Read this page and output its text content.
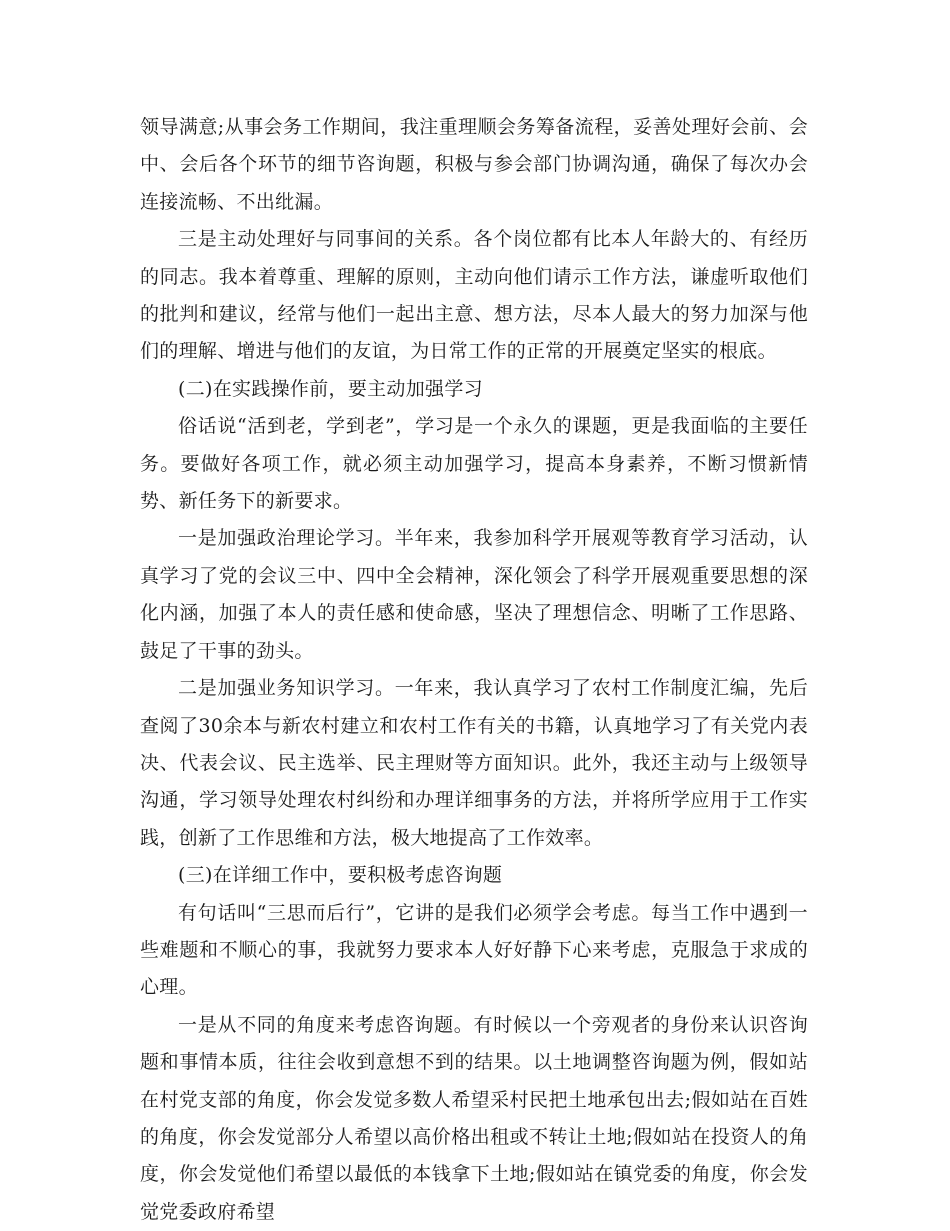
领导满意;从事会务工作期间，我注重理顺会务筹备流程，妥善处理好会前、会中、会后各个环节的细节咨询题，积极与参会部门协调沟通，确保了每次办会连接流畅、不出纰漏。

三是主动处理好与同事间的关系。各个岗位都有比本人年龄大的、有经历的同志。我本着尊重、理解的原则，主动向他们请示工作方法，谦虚听取他们的批判和建议，经常与他们一起出主意、想方法，尽本人最大的努力加深与他们的理解、增进与他们的友谊，为日常工作的正常的开展奠定坚实的根底。

(二)在实践操作前，要主动加强学习

俗话说“活到老，学到老”，学习是一个永久的课题，更是我面临的主要任务。要做好各项工作，就必须主动加强学习，提高本身素养，不断习惯新情势、新任务下的新要求。

一是加强政治理论学习。半年来，我参加科学开展观等教育学习活动，认真学习了党的会议三中、四中全会精神，深化领会了科学开展观重要思想的深化内涵，加强了本人的责任感和使命感，坚决了理想信念、明晰了工作思路、鼓足了干事的劲头。

二是加强业务知识学习。一年来，我认真学习了农村工作制度汇编，先后查阅了30余本与新农村建立和农村工作有关的书籍，认真地学习了有关党内表决、代表会议、民主选举、民主理财等方面知识。此外，我还主动与上级领导沟通，学习领导处理农村纠纷和办理详细事务的方法，并将所学应用于工作实践，创新了工作思维和方法，极大地提高了工作效率。

(三)在详细工作中，要积极考虑咨询题

有句话叫“三思而后行”，它讲的是我们必须学会考虑。每当工作中遇到一些难题和不顺心的事，我就努力要求本人好好静下心来考虑，克服急于求成的心理。

一是从不同的角度来考虑咨询题。有时候以一个旁观者的身份来认识咨询题和事情本质，往往会收到意想不到的结果。以土地调整咨询题为例，假如站在村党支部的角度，你会发觉多数人希望采村民把土地承包出去;假如站在百姓的角度，你会发觉部分人希望以高价格出租或不转让土地;假如站在投资人的角度，你会发觉他们希望以最低的本钱拿下土地;假如站在镇党委的角度，你会发觉党委政府希望
